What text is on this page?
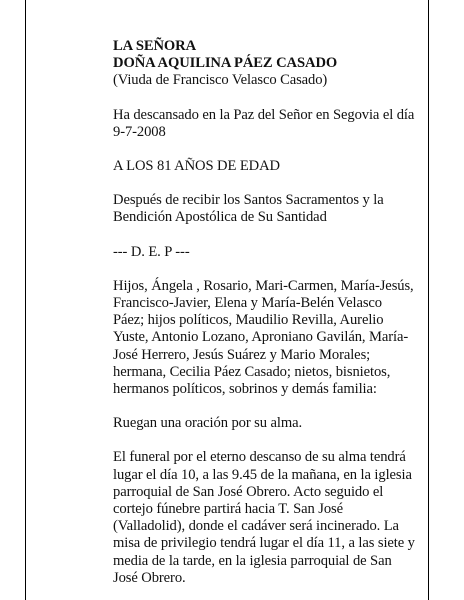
LA SEÑORA

DOÑA AQUILINA PÁEZ CASADO

(Viuda de Francisco Velasco Casado)

Ha descansado en la Paz del Señor en Segovia el día 9-7-2008

A LOS 81 AÑOS DE EDAD

Después de recibir los Santos Sacramentos y la Bendición Apostólica de Su Santidad

--- D. E. P ---

Hijos, Ángela , Rosario, Mari-Carmen, María-Jesús, Francisco-Javier, Elena y María-Belén Velasco Páez; hijos políticos, Maudilio Revilla, Aurelio Yuste, Antonio Lozano, Aproniano Gavilán, María-José Herrero, Jesús Suárez y Mario Morales; hermana, Cecilia Páez Casado; nietos, bisnietos, hermanos políticos, sobrinos y demás familia:

Ruegan una oración por su alma.

El funeral por el eterno descanso de su alma tendrá lugar el día 10, a las 9.45 de la mañana, en la iglesia parroquial de San José Obrero. Acto seguido el cortejo fúnebre partirá hacia T. San José (Valladolid), donde el cadáver será incinerado. La misa de privilegio tendrá lugar el día 11, a las siete y media de la tarde, en la iglesia parroquial de San José Obrero.
